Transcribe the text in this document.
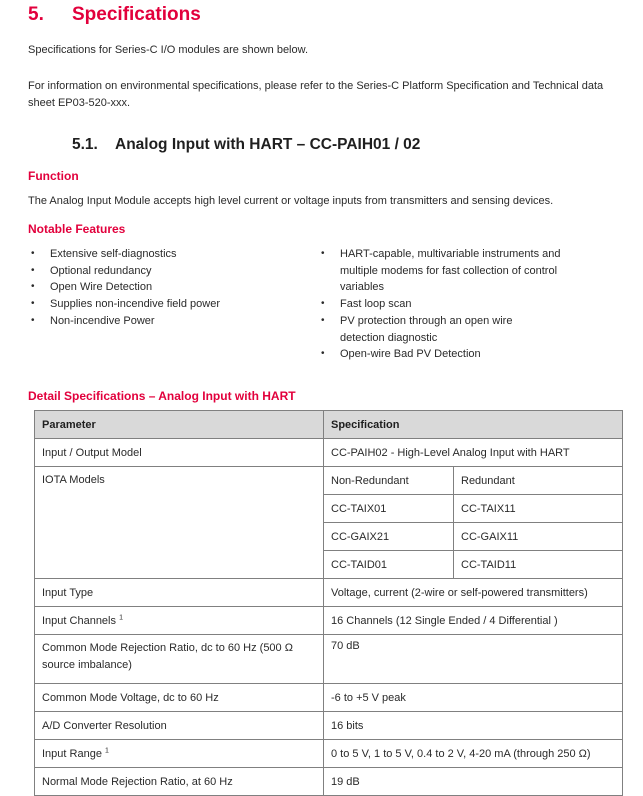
5. Specifications
Specifications for Series-C I/O modules are shown below.
For information on environmental specifications, please refer to the Series-C Platform Specification and Technical data sheet EP03-520-xxx.
5.1. Analog Input with HART – CC-PAIH01 / 02
Function
The Analog Input Module accepts high level current or voltage inputs from transmitters and sensing devices.
Notable Features
• Extensive self-diagnostics
• Optional redundancy
• Open Wire Detection
• Supplies non-incendive field power
• Non-incendive Power
• HART-capable, multivariable instruments and multiple modems for fast collection of control variables
• Fast loop scan
• PV protection through an open wire detection diagnostic
• Open-wire Bad PV Detection
Detail Specifications – Analog Input with HART
Parameter	Specification	
Input / Output Model	CC-PAIH02 - High-Level Analog Input with HART	
IOTA Models	Non-Redundant	Redundant
	CC-TAIX01	CC-TAIX11
	CC-GAIX21	CC-GAIX11
	CC-TAID01	CC-TAID11
Input Type	Voltage, current (2-wire or self-powered transmitters)	
Input Channels $^1$	16 Channels (12 Single Ended / 4 Differential )	
Common Mode Rejection Ratio, dc to 60 Hz (500 Ω source imbalance)	70 dB	
Common Mode Voltage, dc to 60 Hz	-6 to +5 V peak	
A/D Converter Resolution	16 bits	
Input Range $^1$	0 to 5 V, 1 to 5 V, 0.4 to 2 V, 4-20 mA (through 250 Ω)	
Normal Mode Rejection Ratio, at 60 Hz	19 dB	
